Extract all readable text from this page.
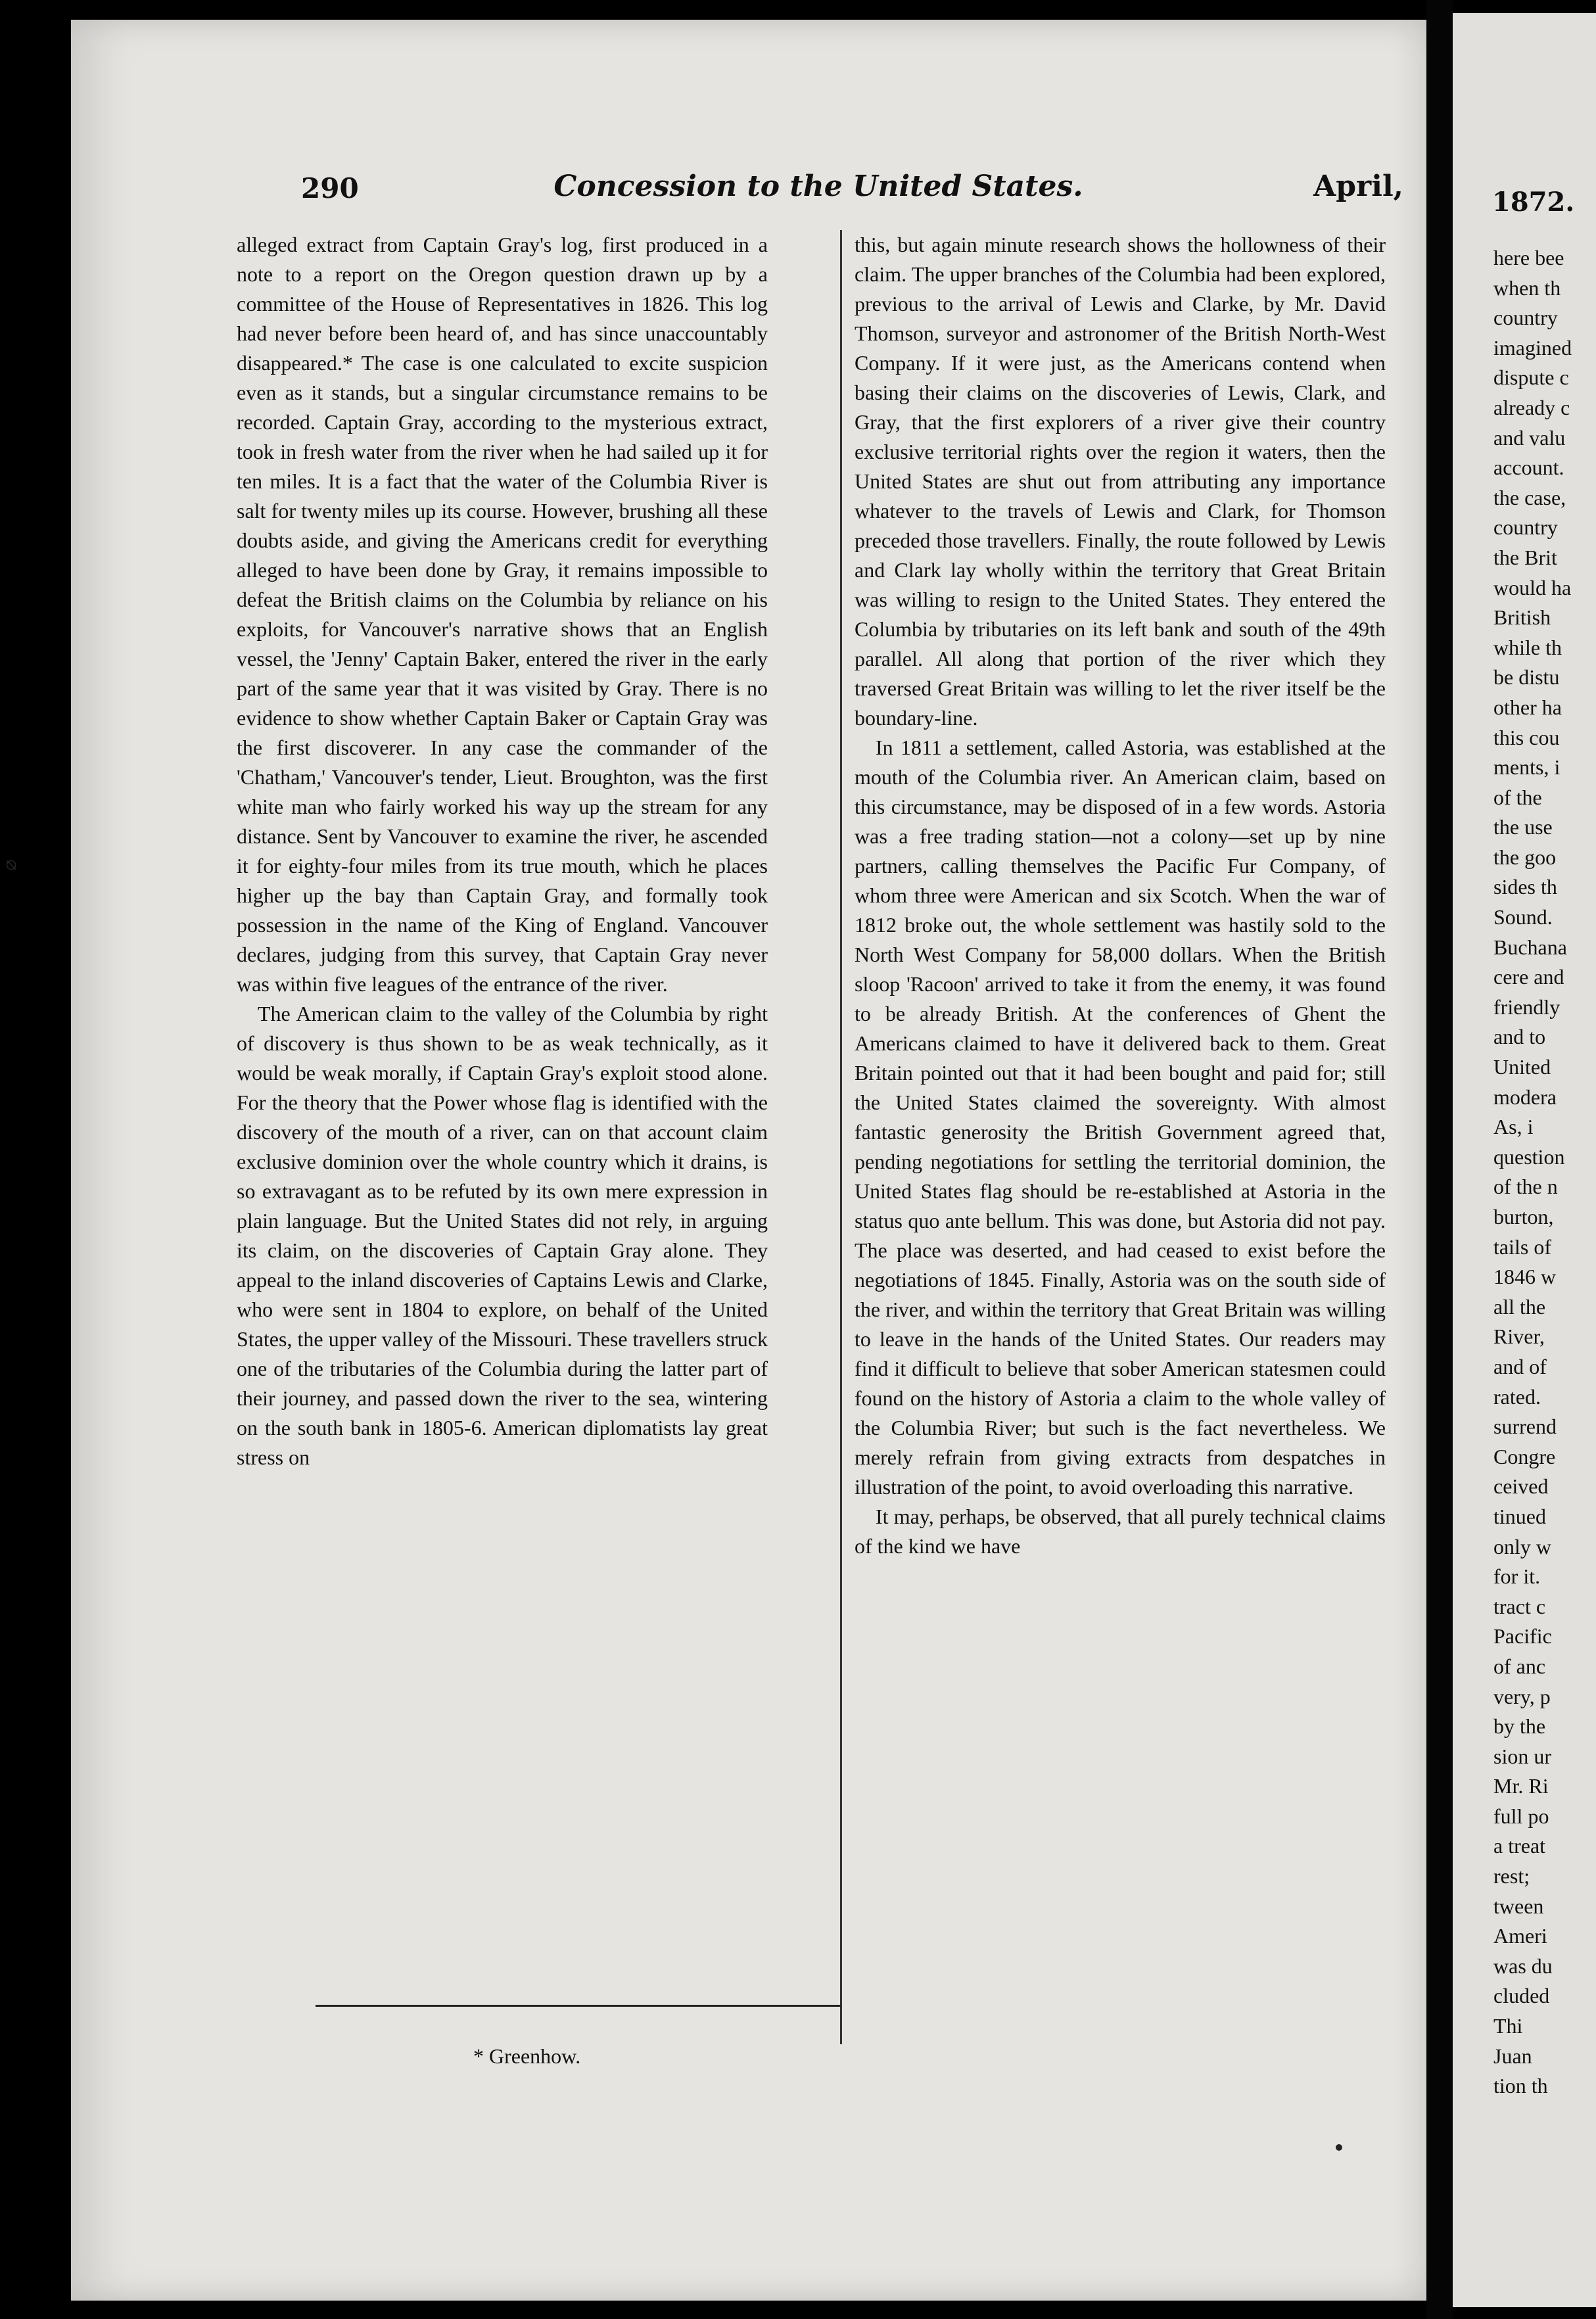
1872.
here bee
when th
country
imagined
dispute c
already c
and valu
account.
the case,
country
the Brit
would ha
British
while th
be distu
other ha
this cou
ments, i
of the
the use
the goo
sides th
Sound.
Buchana
cere and
friendly
and to
United
modera
As, i
question
of the n
burton,
tails of
1846 w
all the
River,
and of
rated.
surrend
Congre
ceived
tinued
only w
for it.
tract c
Pacific
of anc
very, p
by the
sion ur
Mr. Ri
full po
a treat
rest;
tween
Ameri
was du
cluded
Thi
Juan
tion th
⍉
290	Concession to the United States.	April,

alleged extract from Captain Gray's log, first produced in a note to a report on the Oregon question drawn up by a committee of the House of Representatives in 1826. This log had never before been heard of, and has since unaccountably disappeared.* The case is one calculated to excite suspicion even as it stands, but a singular circumstance remains to be recorded. Captain Gray, according to the mysterious extract, took in fresh water from the river when he had sailed up it for ten miles. It is a fact that the water of the Columbia River is salt for twenty miles up its course. However, brushing all these doubts aside, and giving the Americans credit for everything alleged to have been done by Gray, it remains impossible to defeat the British claims on the Columbia by reliance on his exploits, for Vancouver's narrative shows that an English vessel, the 'Jenny' Captain Baker, entered the river in the early part of the same year that it was visited by Gray. There is no evidence to show whether Captain Baker or Captain Gray was the first discoverer. In any case the commander of the 'Chatham,' Vancouver's tender, Lieut. Broughton, was the first white man who fairly worked his way up the stream for any distance. Sent by Vancouver to examine the river, he ascended it for eighty-four miles from its true mouth, which he places higher up the bay than Captain Gray, and formally took possession in the name of the King of England. Vancouver declares, judging from this survey, that Captain Gray never was within five leagues of the entrance of the river.

The American claim to the valley of the Columbia by right of discovery is thus shown to be as weak technically, as it would be weak morally, if Captain Gray's exploit stood alone. For the theory that the Power whose flag is identified with the discovery of the mouth of a river, can on that account claim exclusive dominion over the whole country which it drains, is so extravagant as to be refuted by its own mere expression in plain language. But the United States did not rely, in arguing its claim, on the discoveries of Captain Gray alone. They appeal to the inland discoveries of Captains Lewis and Clarke, who were sent in 1804 to explore, on behalf of the United States, the upper valley of the Missouri. These travellers struck one of the tributaries of the Columbia during the latter part of their journey, and passed down the river to the sea, wintering on the south bank in 1805-6. American diplomatists lay great stress on

this, but again minute research shows the hollowness of their claim. The upper branches of the Columbia had been explored, previous to the arrival of Lewis and Clarke, by Mr. David Thomson, surveyor and astronomer of the British North-West Company. If it were just, as the Americans contend when basing their claims on the discoveries of Lewis, Clark, and Gray, that the first explorers of a river give their country exclusive territorial rights over the region it waters, then the United States are shut out from attributing any importance whatever to the travels of Lewis and Clark, for Thomson preceded those travellers. Finally, the route followed by Lewis and Clark lay wholly within the territory that Great Britain was willing to resign to the United States. They entered the Columbia by tributaries on its left bank and south of the 49th parallel. All along that portion of the river which they traversed Great Britain was willing to let the river itself be the boundary-line.

In 1811 a settlement, called Astoria, was established at the mouth of the Columbia river. An American claim, based on this circumstance, may be disposed of in a few words. Astoria was a free trading station—not a colony—set up by nine partners, calling themselves the Pacific Fur Company, of whom three were American and six Scotch. When the war of 1812 broke out, the whole settlement was hastily sold to the North West Company for 58,000 dollars. When the British sloop 'Racoon' arrived to take it from the enemy, it was found to be already British. At the conferences of Ghent the Americans claimed to have it delivered back to them. Great Britain pointed out that it had been bought and paid for; still the United States claimed the sovereignty. With almost fantastic generosity the British Government agreed that, pending negotiations for settling the territorial dominion, the United States flag should be re-established at Astoria in the status quo ante bellum. This was done, but Astoria did not pay. The place was deserted, and had ceased to exist before the negotiations of 1845. Finally, Astoria was on the south side of the river, and within the territory that Great Britain was willing to leave in the hands of the United States. Our readers may find it difficult to believe that sober American statesmen could found on the history of Astoria a claim to the whole valley of the Columbia River; but such is the fact nevertheless. We merely refrain from giving extracts from despatches in illustration of the point, to avoid overloading this narrative.

It may, perhaps, be observed, that all purely technical claims of the kind we have

* Greenhow.
